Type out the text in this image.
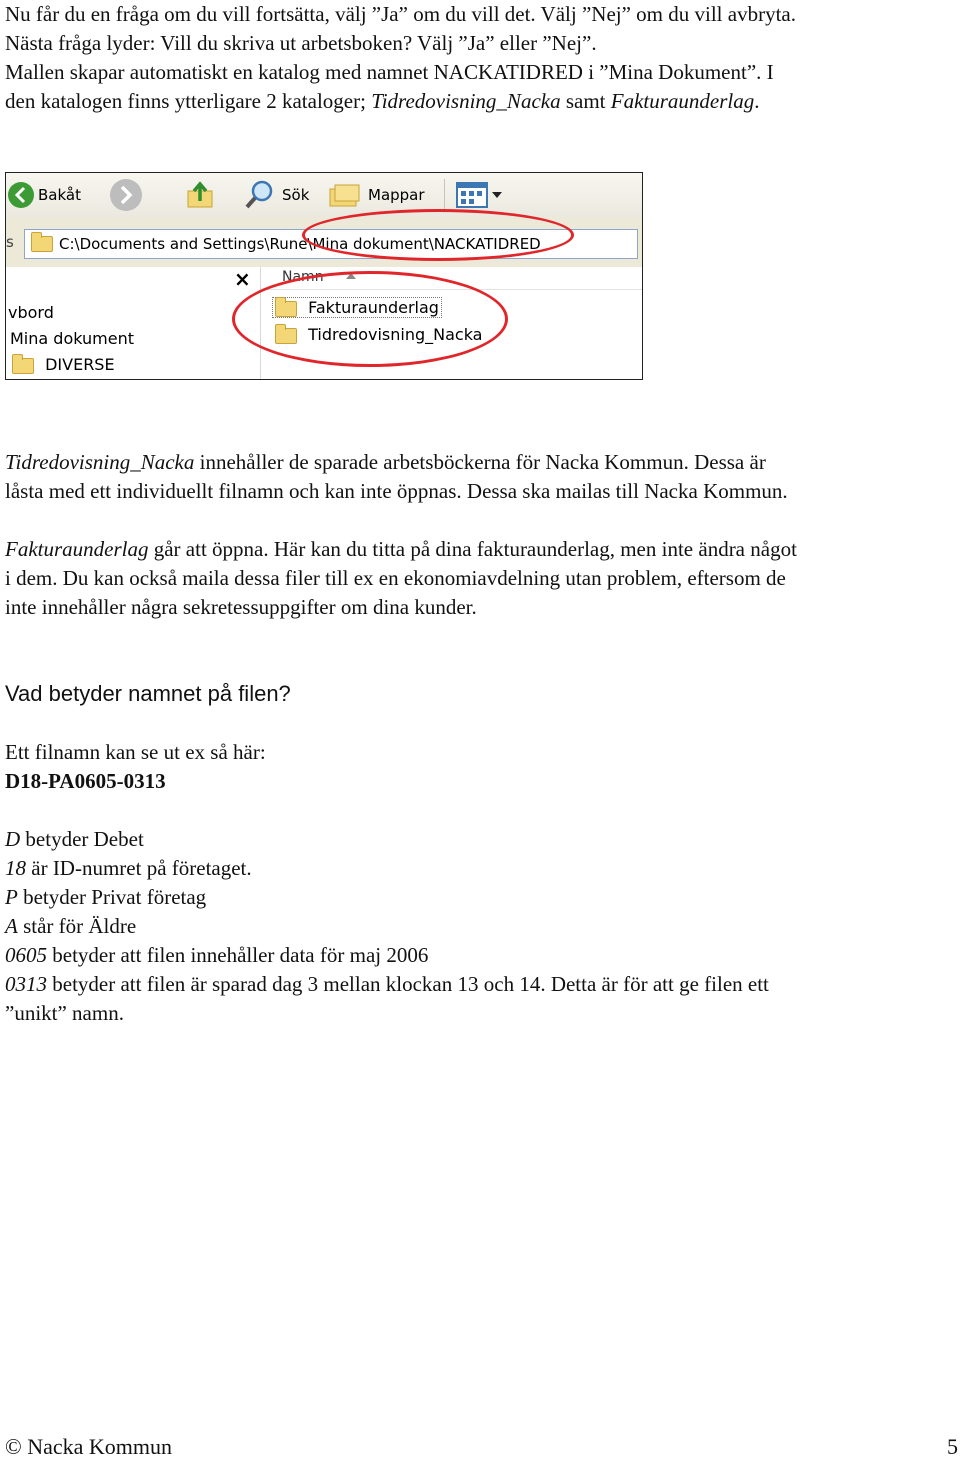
Nu får du en fråga om du vill fortsätta, välj ”Ja” om du vill det. Välj ”Nej” om du vill avbryta.

Nästa fråga lyder: Vill du skriva ut arbetsboken? Välj ”Ja” eller ”Nej”.

Mallen skapar automatiskt en katalog med namnet NACKATIDRED i ”Mina Dokument”. I

den katalogen finns ytterligare 2 kataloger; Tidredovisning_Nacka samt Fakturaunderlag.

Bakåt	Sök	Mappar
s	C:\Documents and Settings\Rune\Mina dokument\NACKATIDRED
× Namn
vbord
Mina dokument
DIVERSE
Fakturaunderlag
Tidredovisning_Nacka

Tidredovisning_Nacka innehåller de sparade arbetsböckerna för Nacka Kommun. Dessa är

låsta med ett individuellt filnamn och kan inte öppnas. Dessa ska mailas till Nacka Kommun.

Fakturaunderlag går att öppna. Här kan du titta på dina fakturaunderlag, men inte ändra något

i dem. Du kan också maila dessa filer till ex en ekonomiavdelning utan problem, eftersom de

inte innehåller några sekretessuppgifter om dina kunder.

Vad betyder namnet på filen?

Ett filnamn kan se ut ex så här:

D18-PA0605-0313

D betyder Debet

18 är ID-numret på företaget.

P betyder Privat företag

A står för Äldre

0605 betyder att filen innehåller data för maj 2006

0313 betyder att filen är sparad dag 3 mellan klockan 13 och 14. Detta är för att ge filen ett

”unikt” namn.

© Nacka Kommun	5
